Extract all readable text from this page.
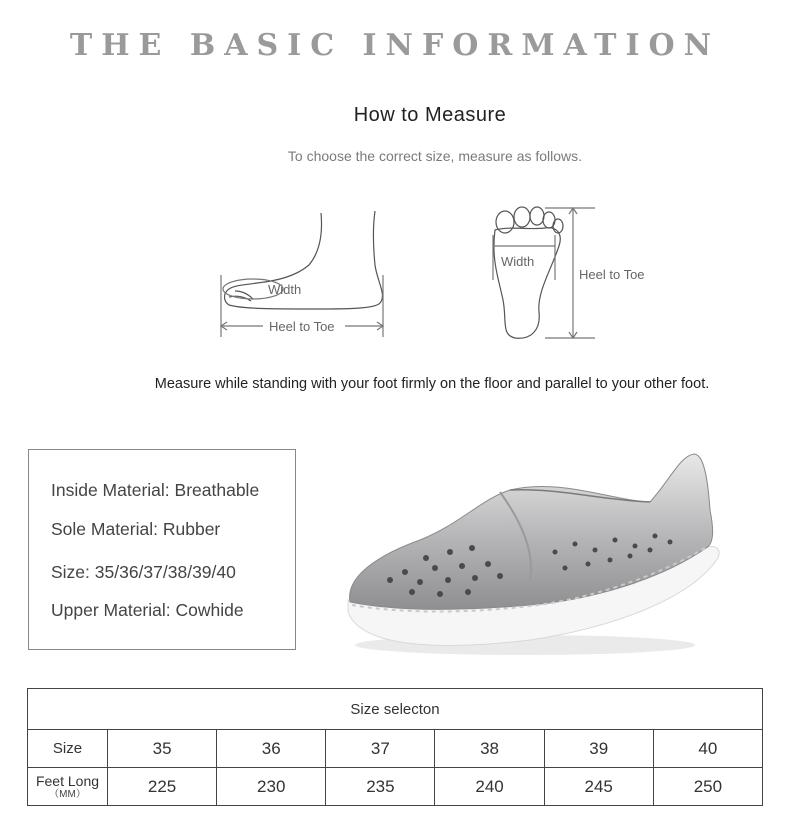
THE BASIC INFORMATION
How to Measure
To choose the correct size, measure as follows.
Width
Heel to Toe
Width
Heel to Toe
Measure while standing with your foot firmly on the floor and parallel to your other foot.
Inside Material: Breathable
Sole Material: Rubber
Size: 35/36/37/38/39/40
Upper Material: Cowhide
Size selecton						
Size	35	36	37	38	39	40

Feet Long
（MM）	225	230	235	240	245	250
